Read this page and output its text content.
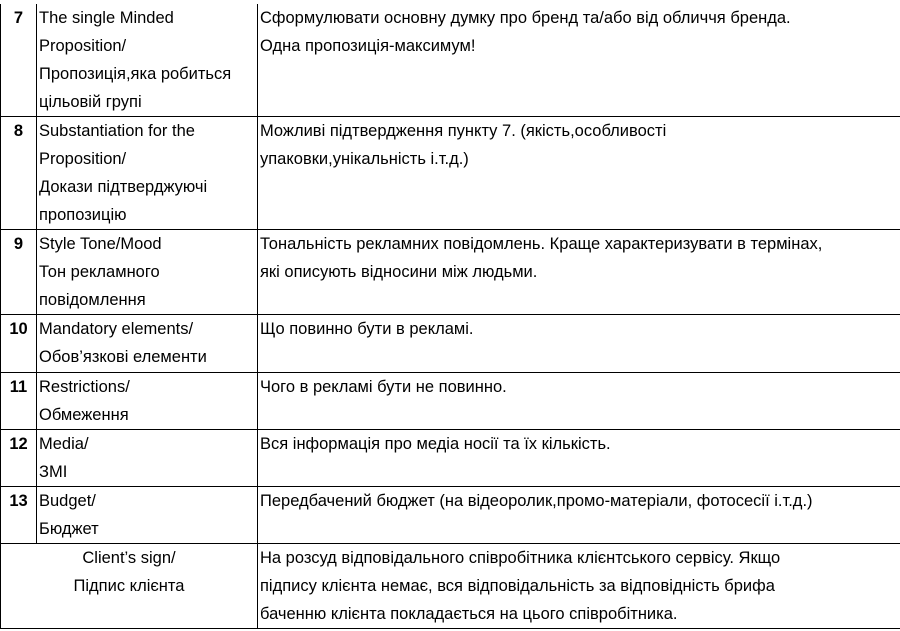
7	The single Minded
Proposition/
Пропозиція,яка робиться
цільовій групі	Сформулювати основну думку про бренд та/або від обличчя бренда.
Одна пропозиція-максимум!
8	Substantiation for the
Proposition/
Докази підтверджуючі
пропозицію	Можливі підтвердження пункту 7. (якість,особливості
упаковки,унікальність і.т.д.)
9	Style Tone/Mood
Тон рекламного
повідомлення	Тональність рекламних повідомлень. Краще характеризувати в термінах,
які описують відносини між людьми.
10	Mandatory elements/
Обов’язкові елементи	Що повинно бути в рекламі.
11	Restrictions/
Обмеження	Чого в рекламі бути не повинно.
12	Media/
ЗМІ	Вся інформація про медіа носії та їх кількість.
13	Budget/
Бюджет	Передбачений бюджет (на відеоролик,промо-матеріали, фотосесії і.т.д.)
Client’s sign/
Підпис клієнта		На розсуд відповідального співробітника клієнтського сервісу. Якщо
підпису клієнта немає, вся відповідальність за відповідність брифа
баченню клієнта покладається на цього співробітника.
